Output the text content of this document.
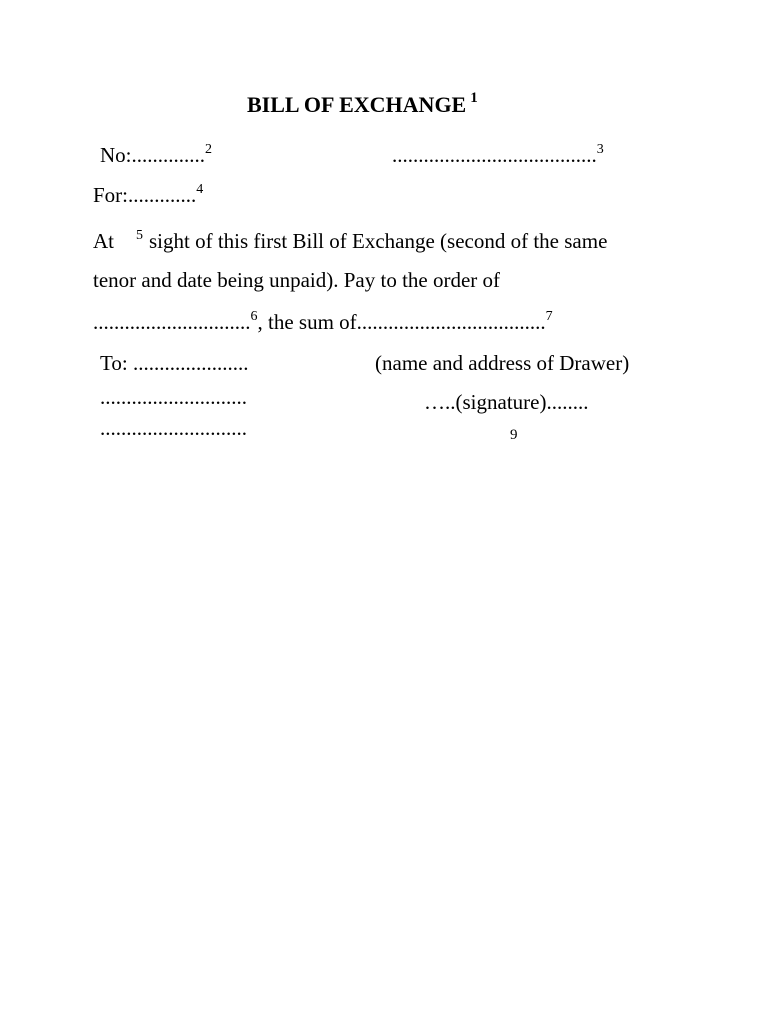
BILL OF EXCHANGE $^1$
No:..............$^2$	.......................................$^3$
For:.............$^4$
At $^5$ sight of this first Bill of Exchange (second of the same
tenor and date being unpaid). Pay to the order of
..............................$^6$, the sum of....................................$^7$
To: ......................
............................
............................
(name and address of Drawer)
…..(signature)........
9
